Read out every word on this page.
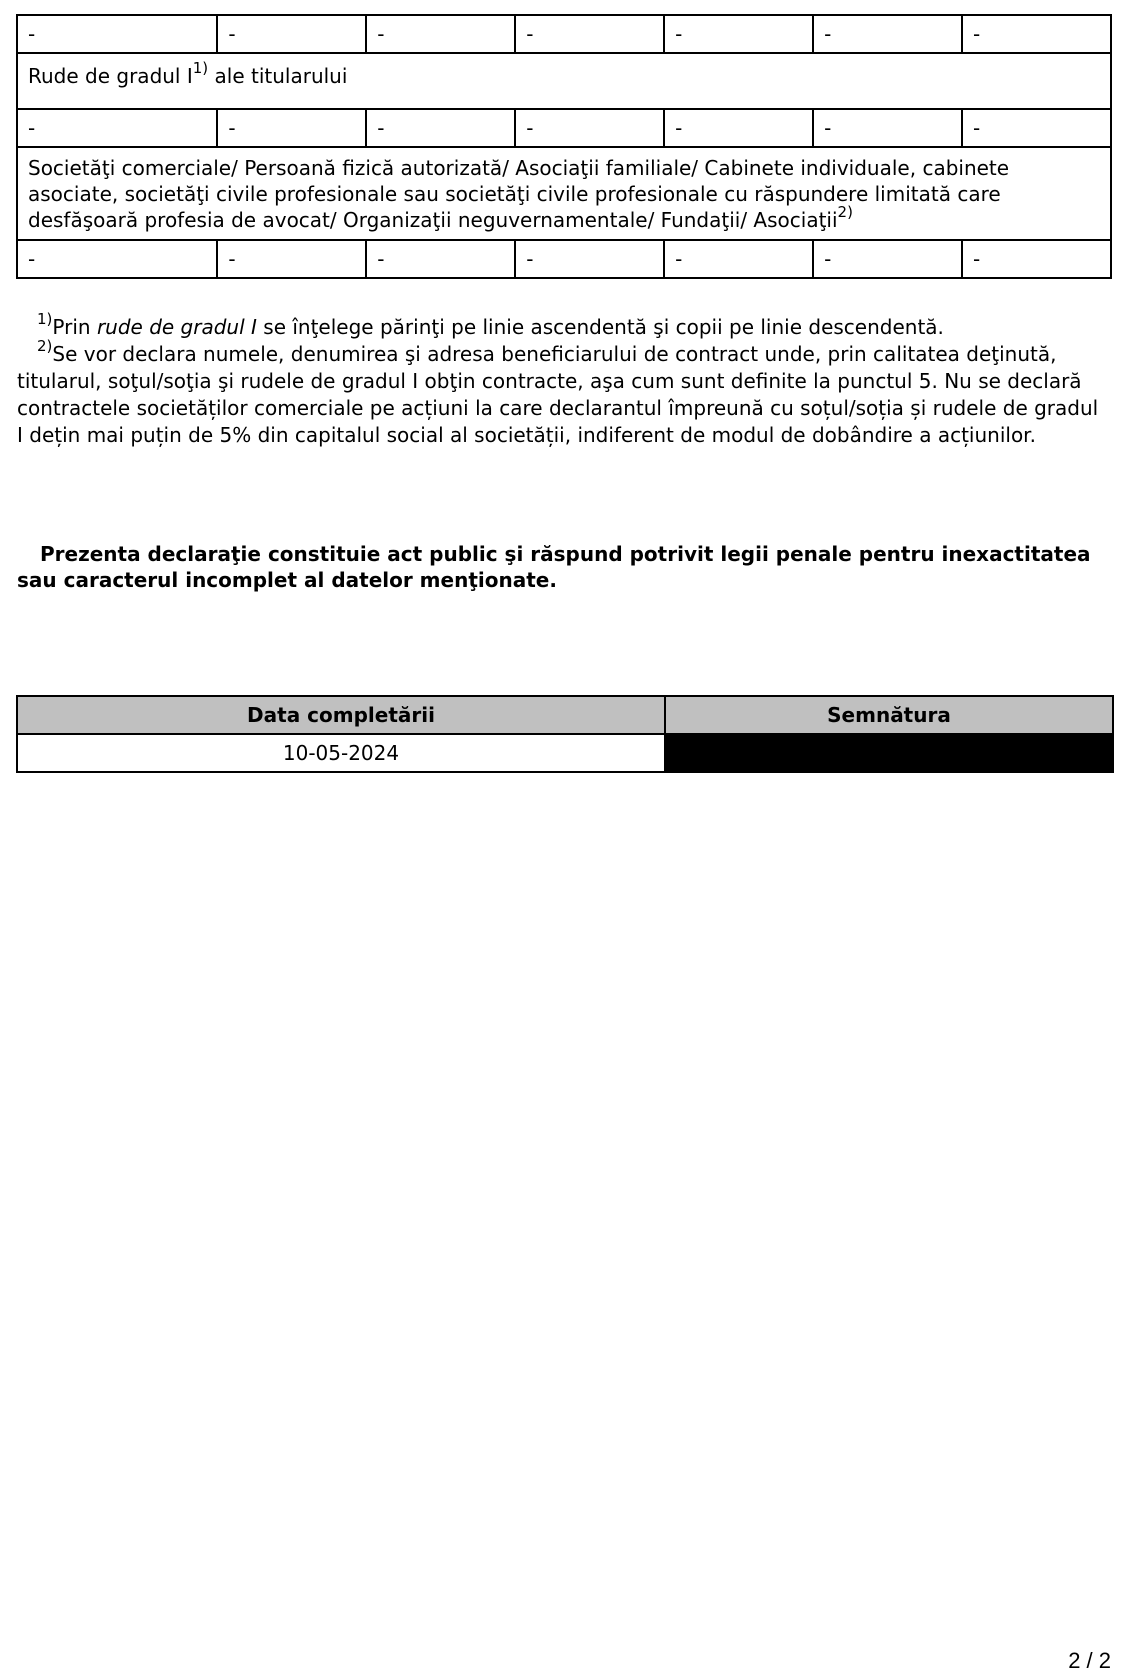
-	-	-	-	-	-	-
Rude de gradul $I^{1)}$ ale titularului						
-	-	-	-	-	-	-
Societăţi comerciale/ Persoană fizică autorizată/ Asociaţii familiale/ Cabinete individuale, cabinete asociate, societăţi civile profesionale sau societăţi civile profesionale cu răspundere limitată care desfăşoară profesia de avocat/ Organizaţii neguvernamentale/ Fundaţii/ Asociaţii$^{2)}$
-	-	-	-	-	-	-

$^{1)}$Prin rude de gradul I se înţelege părinţi pe linie ascendentă şi copii pe linie descendentă.

$^{2)}$Se vor declara numele, denumirea şi adresa beneficiarului de contract unde, prin calitatea deţinută, titularul, soţul/soţia şi rudele de gradul I obţin contracte, aşa cum sunt definite la punctul 5. Nu se declară contractele societăților comerciale pe acțiuni la care declarantul împreună cu soțul/soția și rudele de gradul I dețin mai puțin de 5% din capitalul social al societății, indiferent de modul de dobândire a acțiunilor.

Prezenta declaraţie constituie act public şi răspund potrivit legii penale pentru inexactitatea sau caracterul incomplet al datelor menţionate.
Data completării	Semnătura
10-05-2024	
2 / 2
